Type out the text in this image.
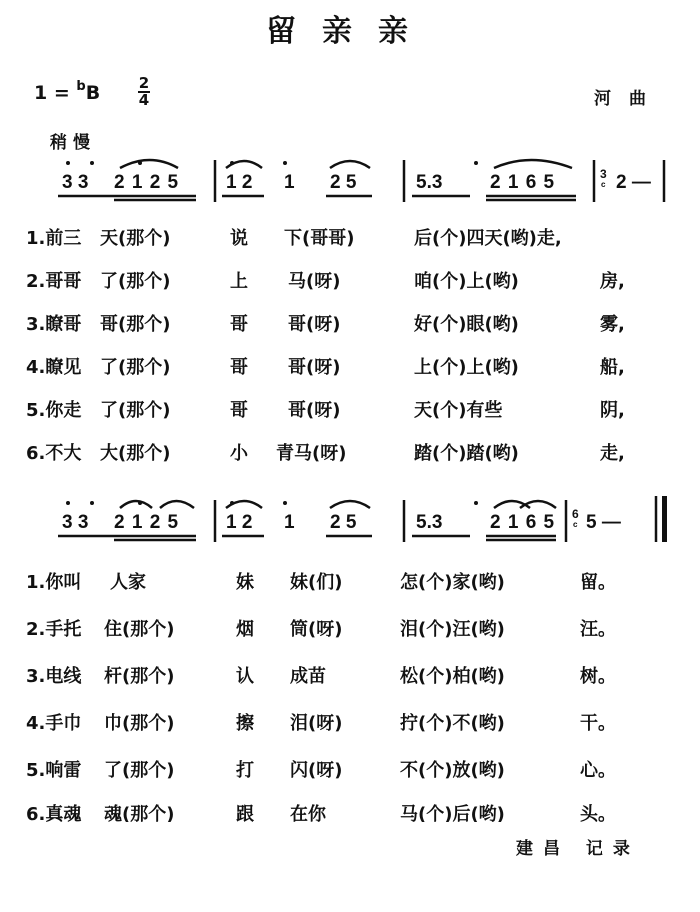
留亲亲
1 = $^b$B	2
4	河曲
稍慢
3 3 2 1 2 5 1 2 1 2 5	5.3	2 1 6 5	2 —
3
ᶜ
1.前三 天(那个)	说 下(哥哥)	后(个)四天(哟)走,
2.哥哥 了(那个)	上 马(呀)	咱(个)上(哟)	房,
3.瞭哥 哥(那个)	哥 哥(呀)	好(个)眼(哟)	雾,
4.瞭见 了(那个)	哥 哥(呀)	上(个)上(哟)	船,
5.你走 了(那个)	哥 哥(呀)	天(个)有些	阴,
6.不大 大(那个)	小 青马(呀)	踏(个)踏(哟)	走,
3 3 2 1 2 5 1 2 1 2 5	5.3	2 1 6 5 5 —
6
ᶜ
1.你叫 人家	妹 妹(们)	怎(个)家(哟)	留。
2.手托 住(那个)	烟 筒(呀)	泪(个)汪(哟)	汪。
3.电线 杆(那个)	认 成苗	松(个)柏(哟)	树。
4.手巾 巾(那个)	擦 泪(呀)	拧(个)不(哟)	干。
5.响雷 了(那个)	打 闪(呀)	不(个)放(哟)	心。
6.真魂 魂(那个)	跟 在你	马(个)后(哟)	头。
建昌 记录
